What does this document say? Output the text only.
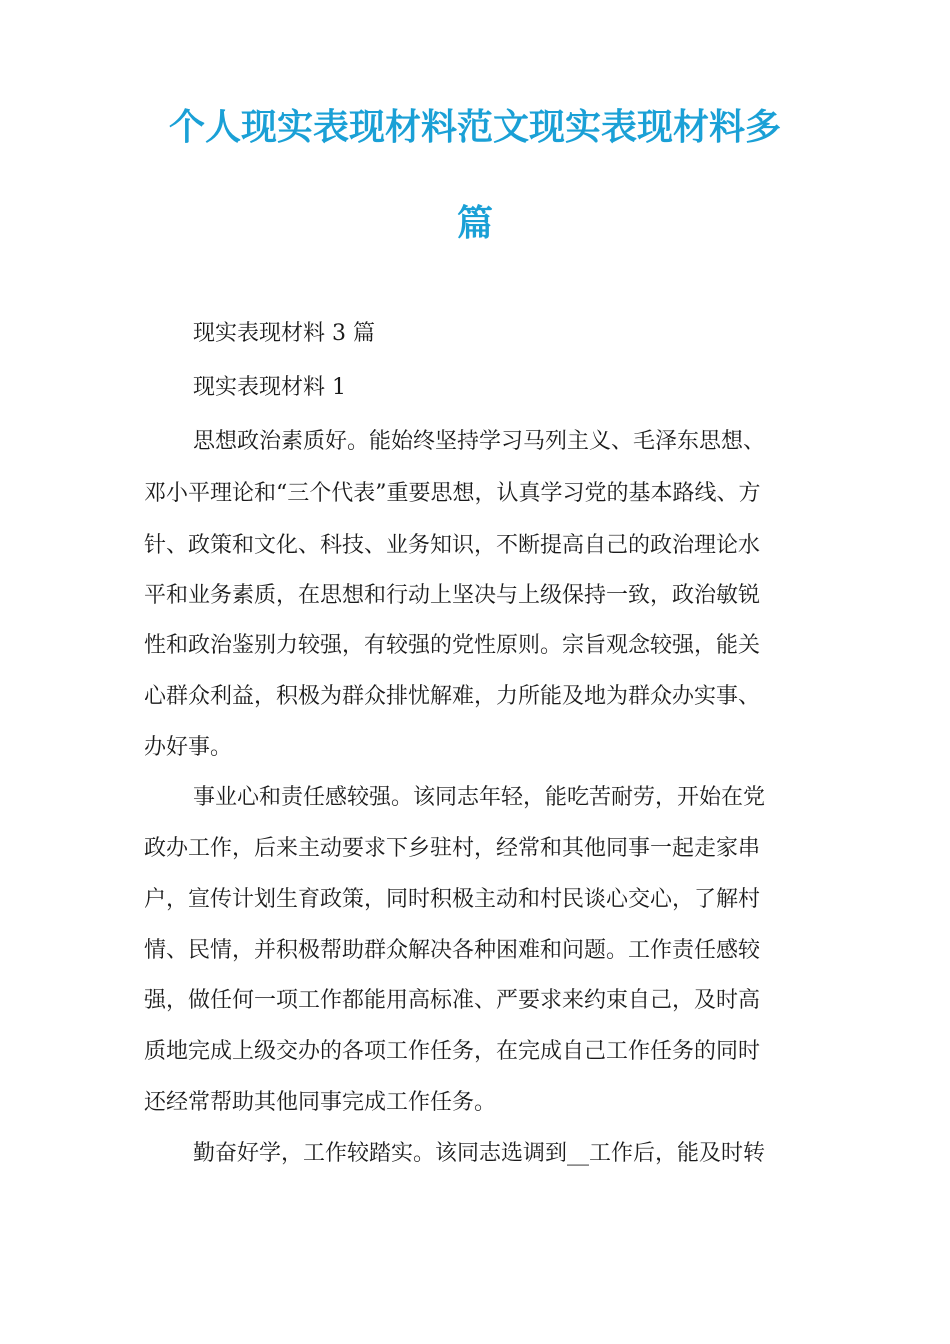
个人现实表现材料范文现实表现材料多
篇

现实表现材料 3 篇

现实表现材料 1

思想政治素质好。能始终坚持学习马列主义、毛泽东思想、

邓小平理论和“三个代表”重要思想，认真学习党的基本路线、方

针、政策和文化、科技、业务知识，不断提高自己的政治理论水

平和业务素质，在思想和行动上坚决与上级保持一致，政治敏锐

性和政治鉴别力较强，有较强的党性原则。宗旨观念较强，能关

心群众利益，积极为群众排忧解难，力所能及地为群众办实事、

办好事。

事业心和责任感较强。该同志年轻，能吃苦耐劳，开始在党

政办工作，后来主动要求下乡驻村，经常和其他同事一起走家串

户，宣传计划生育政策，同时积极主动和村民谈心交心，了解村

情、民情，并积极帮助群众解决各种困难和问题。工作责任感较

强，做任何一项工作都能用高标准、严要求来约束自己，及时高

质地完成上级交办的各项工作任务，在完成自己工作任务的同时

还经常帮助其他同事完成工作任务。

勤奋好学，工作较踏实。该同志选调到__工作后，能及时转
